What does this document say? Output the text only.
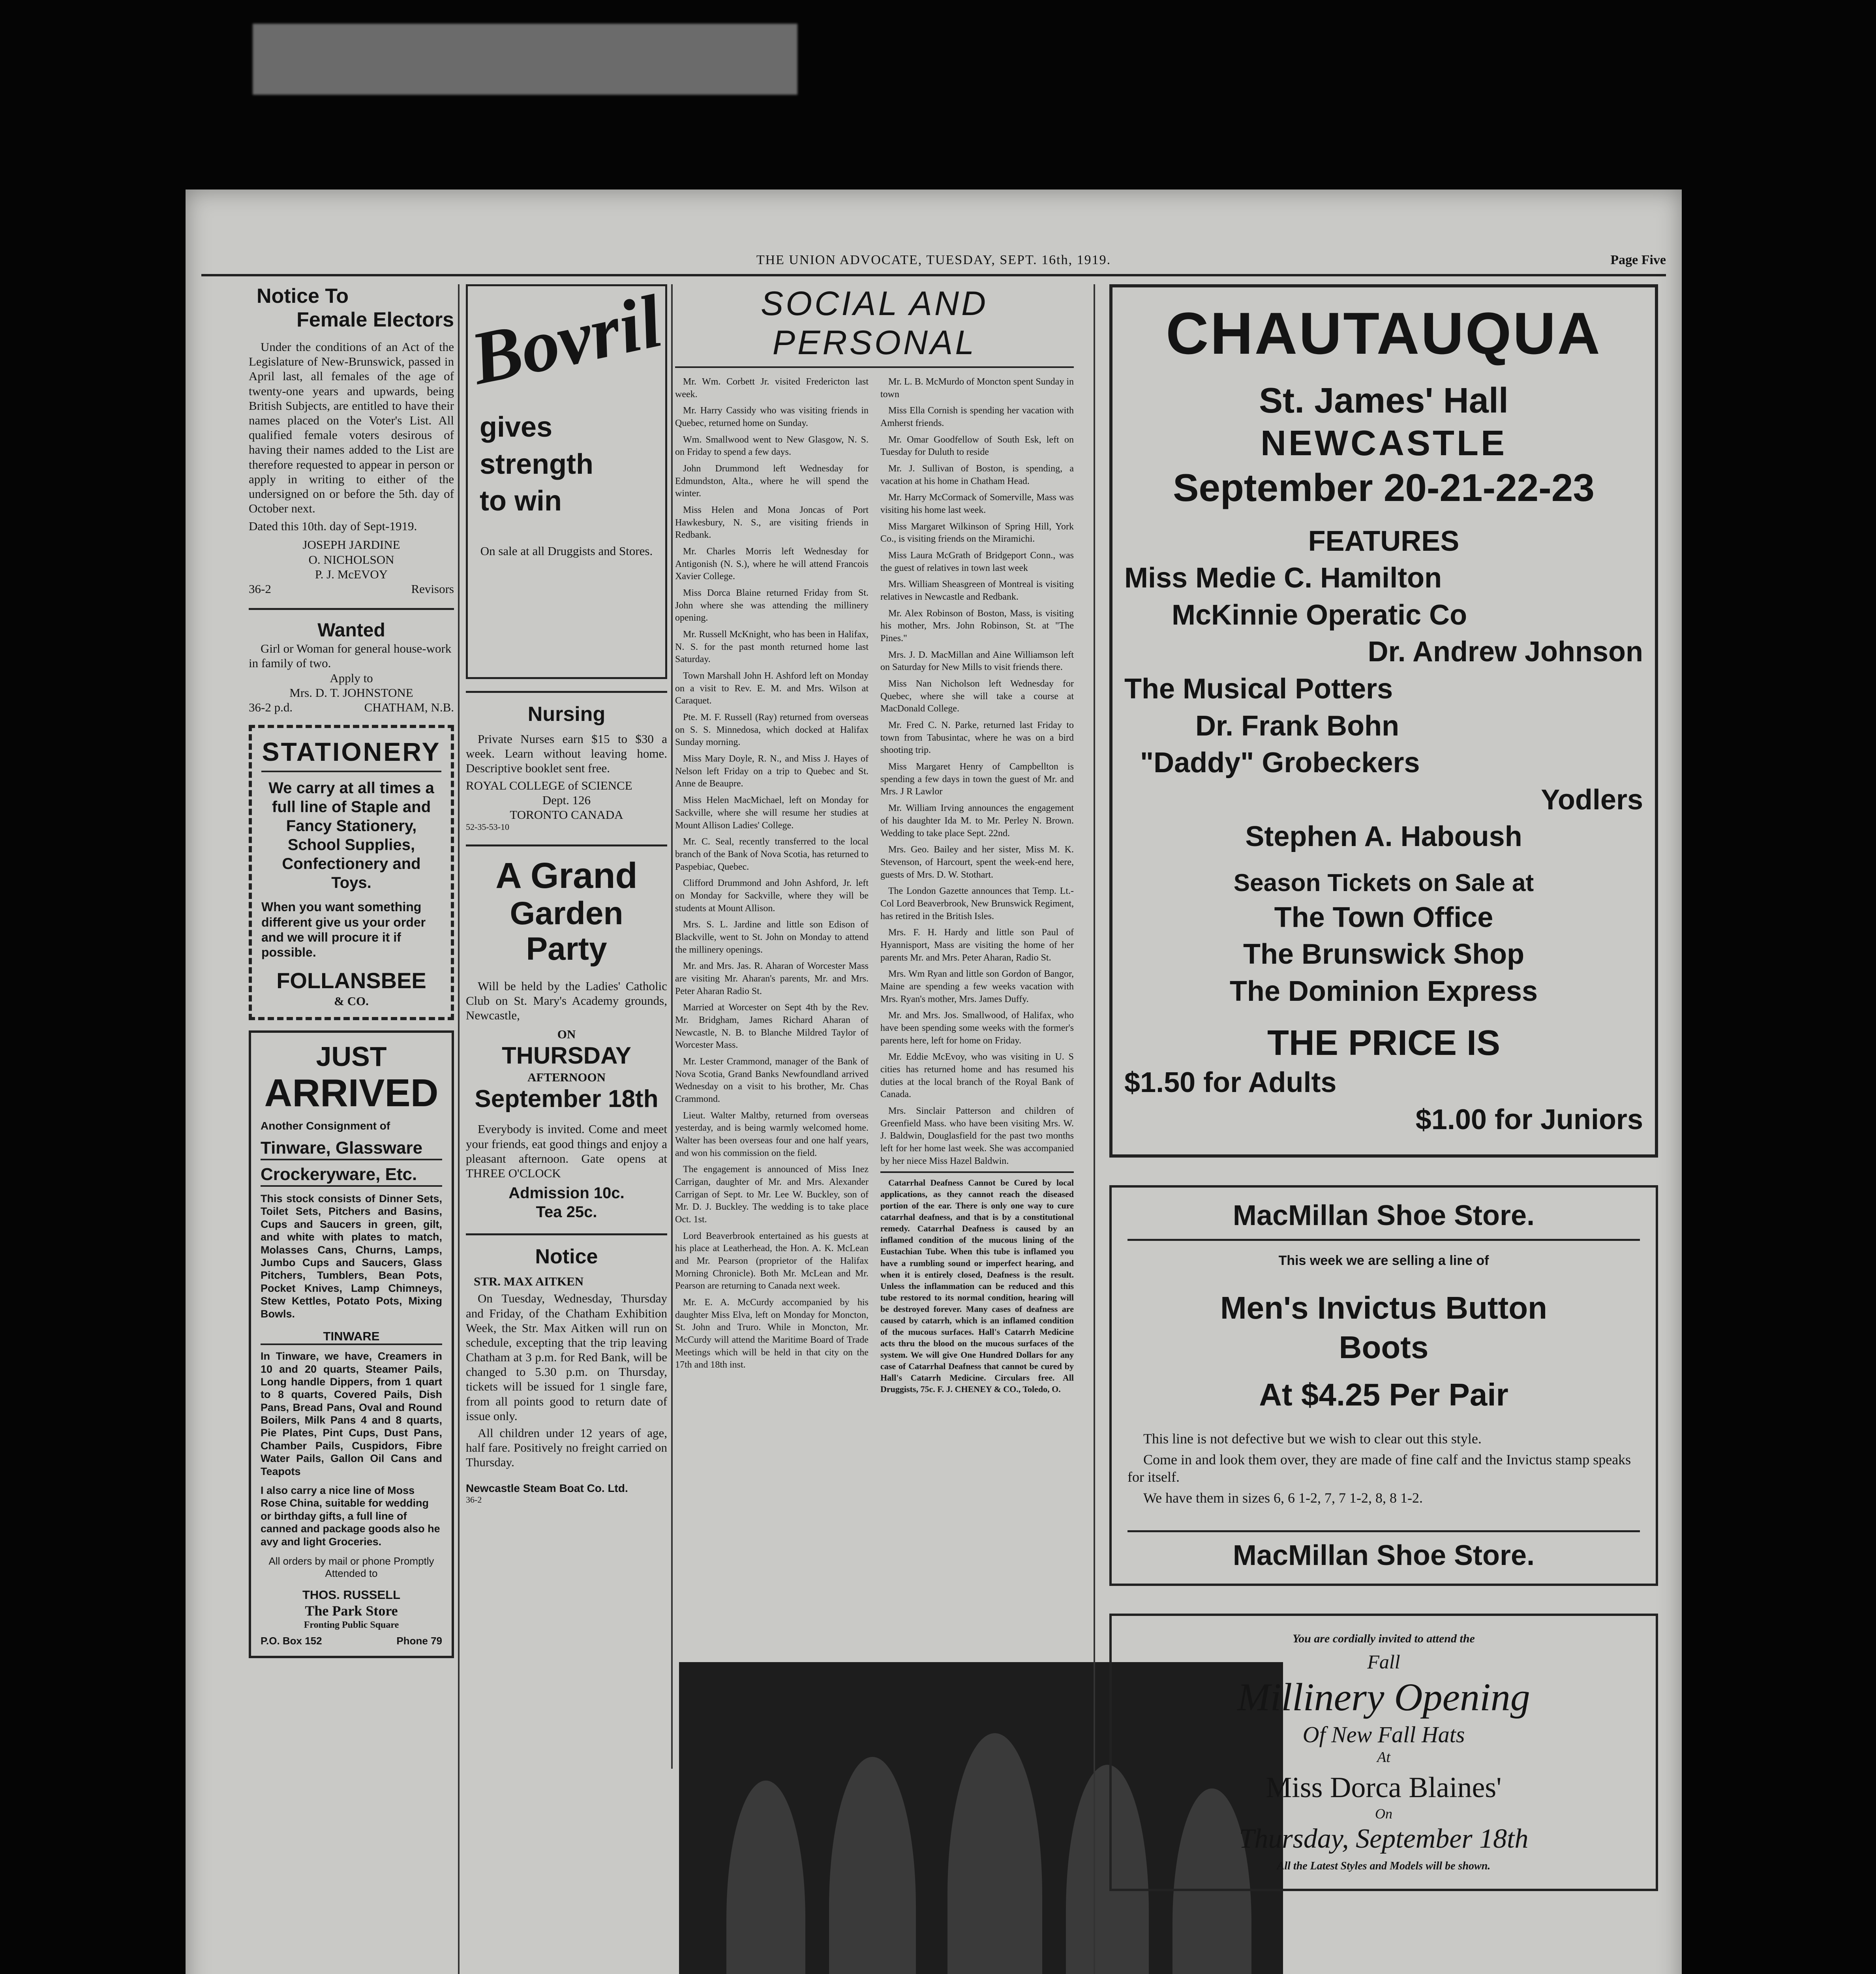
THE UNION ADVOCATE, TUESDAY, SEPT. 16th, 1919.	Page Five
Notice To
Female Electors

Under the conditions of an Act of the Legislature of New-Brunswick, passed in April last, all females of the age of twenty-one years and upwards, being British Subjects, are entitled to have their names placed on the Voter's List. All qualified female voters desirous of having their names added to the List are therefore requested to appear in person or apply in writing to either of the undersigned on or before the 5th. day of October next.

Dated this 10th. day of Sept-1919.

JOSEPH JARDINE

O. NICHOLSON

P. J. McEVOY

36-2	Revisors

Wanted

Girl or Woman for general house-work in family of two.

Apply to

Mrs. D. T. JOHNSTONE

36-2 p.d.	CHATHAM, N.B.

STATIONERY

We carry at all times a full line of Staple and Fancy Stationery, School Supplies, Confectionery and Toys.

When you want something different give us your order and we will procure it if possible.

FOLLANSBEE

& CO.

JUST
ARRIVED

Another Consignment of

Tinware, Glassware

Crockeryware, Etc.

This stock consists of Dinner Sets, Toilet Sets, Pitchers and Basins, Cups and Saucers in green, gilt, and white with plates to match, Molasses Cans, Churns, Lamps, Jumbo Cups and Saucers, Glass Pitchers, Tumblers, Bean Pots, Pocket Knives, Lamp Chimneys, Stew Kettles, Potato Pots, Mixing Bowls.

TINWARE

In Tinware, we have, Creamers in 10 and 20 quarts, Steamer Pails, Long handle Dippers, from 1 quart to 8 quarts, Covered Pails, Dish Pans, Bread Pans, Oval and Round Boilers, Milk Pans 4 and 8 quarts, Pie Plates, Pint Cups, Dust Pans, Chamber Pails, Cuspidors, Fibre Water Pails, Gallon Oil Cans and Teapots

I also carry a nice line of Moss Rose China, suitable for wedding or birthday gifts, a full line of canned and package goods also he avy and light Groceries.

All orders by mail or phone Promptly Attended to

THOS. RUSSELL

The Park Store

Fronting Public Square

P.O. Box 152	Phone 79

Bovril
gives
strength
to win

On sale at all Druggists and Stores.

Nursing

Private Nurses earn $15 to $30 a week. Learn without leaving home. Descriptive booklet sent free.

ROYAL COLLEGE of SCIENCE

Dept. 126

TORONTO CANADA

52-35-53-10

A Grand
Garden Party

Will be held by the Ladies' Catholic Club on St. Mary's Academy grounds, Newcastle,

ON

THURSDAY

AFTERNOON

September 18th

Everybody is invited. Come and meet your friends, eat good things and enjoy a pleasant afternoon. Gate opens at THREE O'CLOCK

Admission 10c.

Tea 25c.

Notice

STR. MAX AITKEN

On Tuesday, Wednesday, Thursday and Friday, of the Chatham Exhibition Week, the Str. Max Aitken will run on schedule, excepting that the trip leaving Chatham at 3 p.m. for Red Bank, will be changed to 5.30 p.m. on Thursday, tickets will be issued for 1 single fare, from all points good to return date of issue only.

All children under 12 years of age, half fare. Positively no freight carried on Thursday.

Newcastle Steam Boat Co. Ltd.

36-2

SOCIAL AND PERSONAL

Mr. Wm. Corbett Jr. visited Fredericton last week.

Mr. Harry Cassidy who was visiting friends in Quebec, returned home on Sunday.

Wm. Smallwood went to New Glasgow, N. S. on Friday to spend a few days.

John Drummond left Wednesday for Edmundston, Alta., where he will spend the winter.

Miss Helen and Mona Joncas of Port Hawkesbury, N. S., are visiting friends in Redbank.

Mr. Charles Morris left Wednesday for Antigonish (N. S.), where he will attend Francois Xavier College.

Miss Dorca Blaine returned Friday from St. John where she was attending the millinery opening.

Mr. Russell McKnight, who has been in Halifax, N. S. for the past month returned home last Saturday.

Town Marshall John H. Ashford left on Monday on a visit to Rev. E. M. and Mrs. Wilson at Caraquet.

Pte. M. F. Russell (Ray) returned from overseas on S. S. Minnedosa, which docked at Halifax Sunday morning.

Miss Mary Doyle, R. N., and Miss J. Hayes of Nelson left Friday on a trip to Quebec and St. Anne de Beaupre.

Miss Helen MacMichael, left on Monday for Sackville, where she will resume her studies at Mount Allison Ladies' College.

Mr. C. Seal, recently transferred to the local branch of the Bank of Nova Scotia, has returned to Paspebiac, Quebec.

Clifford Drummond and John Ashford, Jr. left on Monday for Sackville, where they will be students at Mount Allison.

Mrs. S. L. Jardine and little son Edison of Blackville, went to St. John on Monday to attend the millinery openings.

Mr. and Mrs. Jas. R. Aharan of Worcester Mass are visiting Mr. Aharan's parents, Mr. and Mrs. Peter Aharan Radio St.

Married at Worcester on Sept 4th by the Rev. Mr. Bridgham, James Richard Aharan of Newcastle, N. B. to Blanche Mildred Taylor of Worcester Mass.

Mr. Lester Crammond, manager of the Bank of Nova Scotia, Grand Banks Newfoundland arrived Wednesday on a visit to his brother, Mr. Chas Crammond.

Lieut. Walter Maltby, returned from overseas yesterday, and is being warmly welcomed home. Walter has been overseas four and one half years, and won his commission on the field.

The engagement is announced of Miss Inez Carrigan, daughter of Mr. and Mrs. Alexander Carrigan of Sept. to Mr. Lee W. Buckley, son of Mr. D. J. Buckley. The wedding is to take place Oct. 1st.

Lord Beaverbrook entertained as his guests at his place at Leatherhead, the Hon. A. K. McLean and Mr. Pearson (proprietor of the Halifax Morning Chronicle). Both Mr. McLean and Mr. Pearson are returning to Canada next week.

Mr. E. A. McCurdy accompanied by his daughter Miss Elva, left on Monday for Moncton, St. John and Truro. While in Moncton, Mr. McCurdy will attend the Maritime Board of Trade Meetings which will be held in that city on the 17th and 18th inst.

Mr. L. B. McMurdo of Moncton spent Sunday in town

Miss Ella Cornish is spending her vacation with Amherst friends.

Mr. Omar Goodfellow of South Esk, left on Tuesday for Duluth to reside

Mr. J. Sullivan of Boston, is spending, a vacation at his home in Chatham Head.

Mr. Harry McCormack of Somerville, Mass was visiting his home last week.

Miss Margaret Wilkinson of Spring Hill, York Co., is visiting friends on the Miramichi.

Miss Laura McGrath of Bridgeport Conn., was the guest of relatives in town last week

Mrs. William Sheasgreen of Montreal is visiting relatives in Newcastle and Redbank.

Mr. Alex Robinson of Boston, Mass, is visiting his mother, Mrs. John Robinson, St. at "The Pines."

Mrs. J. D. MacMillan and Aine Williamson left on Saturday for New Mills to visit friends there.

Miss Nan Nicholson left Wednesday for Quebec, where she will take a course at MacDonald College.

Mr. Fred C. N. Parke, returned last Friday to town from Tabusintac, where he was on a bird shooting trip.

Miss Margaret Henry of Campbellton is spending a few days in town the guest of Mr. and Mrs. J R Lawlor

Mr. William Irving announces the engagement of his daughter Ida M. to Mr. Perley N. Brown. Wedding to take place Sept. 22nd.

Mrs. Geo. Bailey and her sister, Miss M. K. Stevenson, of Harcourt, spent the week-end here, guests of Mrs. D. W. Stothart.

The London Gazette announces that Temp. Lt.-Col Lord Beaverbrook, New Brunswick Regiment, has retired in the British Isles.

Mrs. F. H. Hardy and little son Paul of Hyannisport, Mass are visiting the home of her parents Mr. and Mrs. Peter Aharan, Radio St.

Mrs. Wm Ryan and little son Gordon of Bangor, Maine are spending a few weeks vacation with Mrs. Ryan's mother, Mrs. James Duffy.

Mr. and Mrs. Jos. Smallwood, of Halifax, who have been spending some weeks with the former's parents here, left for home on Friday.

Mr. Eddie McEvoy, who was visiting in U. S cities has returned home and has resumed his duties at the local branch of the Royal Bank of Canada.

Mrs. Sinclair Patterson and children of Greenfield Mass. who have been visiting Mrs. W. J. Baldwin, Douglasfield for the past two months left for her home last week. She was accompanied by her niece Miss Hazel Baldwin.

Catarrhal Deafness Cannot be Cured by local applications, as they cannot reach the diseased portion of the ear. There is only one way to cure catarrhal deafness, and that is by a constitutional remedy. Catarrhal Deafness is caused by an inflamed condition of the mucous lining of the Eustachian Tube. When this tube is inflamed you have a rumbling sound or imperfect hearing, and when it is entirely closed, Deafness is the result. Unless the inflammation can be reduced and this tube restored to its normal condition, hearing will be destroyed forever. Many cases of deafness are caused by catarrh, which is an inflamed condition of the mucous surfaces. Hall's Catarrh Medicine acts thru the blood on the mucous surfaces of the system. We will give One Hundred Dollars for any case of Catarrhal Deafness that cannot be cured by Hall's Catarrh Medicine. Circulars free. All Druggists, 75c. F. J. CHENEY & CO., Toledo, O.

CHAUTAUQUA
St. James' Hall
NEWCASTLE
September 20-21-22-23
FEATURES
Miss Medie C. Hamilton
McKinnie Operatic Co
Dr. Andrew Johnson
The Musical Potters
Dr. Frank Bohn
"Daddy" Grobeckers
Yodlers
Stephen A. Haboush
Season Tickets on Sale at
The Town Office
The Brunswick Shop
The Dominion Express
THE PRICE IS
$1.50 for Adults
$1.00 for Juniors
MacMillan Shoe Store.

This week we are selling a line of

Men's Invictus Button
Boots
At $4.25 Per Pair

This line is not defective but we wish to clear out this style.

Come in and look them over, they are made of fine calf and the Invictus stamp speaks for itself.

We have them in sizes 6, 6 1-2, 7, 7 1-2, 8, 8 1-2.

MacMillan Shoe Store.

You are cordially invited to attend the

Fall

Millinery Opening

Of New Fall Hats

At

Miss Dorca Blaines'

On

Thursday, September 18th

All the Latest Styles and Models will be shown.
